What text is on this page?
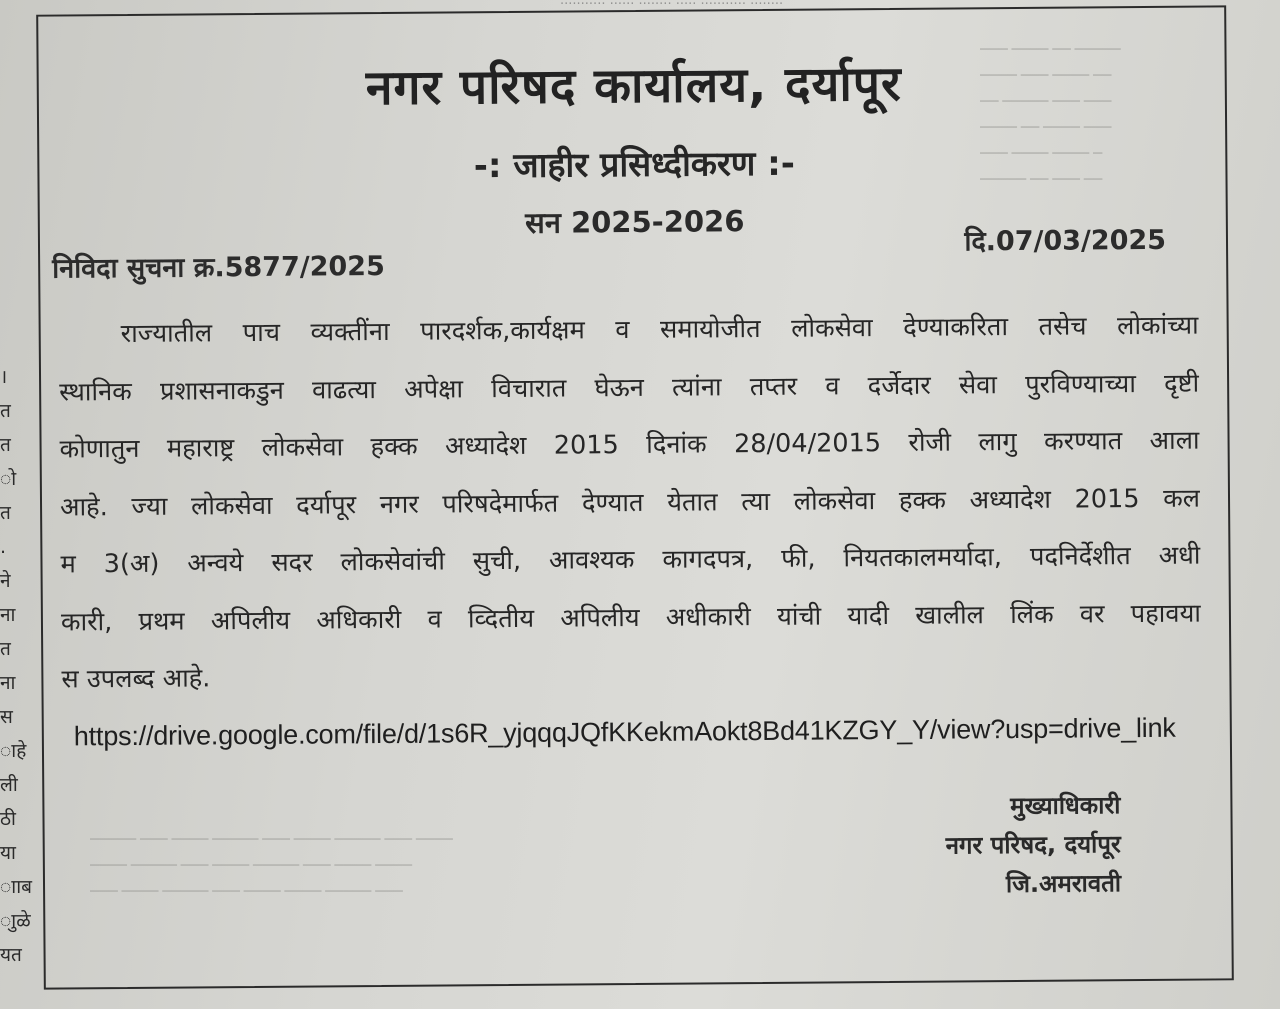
··········· ······ ········ ····· ··········· ········
▁▁▁ ▁▁▁▁ ▁▁ ▁▁▁▁▁
▁▁▁▁ ▁▁▁ ▁▁▁▁ ▁▁
▁▁ ▁▁▁▁▁ ▁▁▁ ▁▁▁
▁▁▁▁ ▁▁ ▁▁▁▁ ▁▁▁
▁▁▁ ▁▁▁▁ ▁▁▁▁ ▁
▁▁▁▁▁ ▁▁ ▁▁▁ ▁▁
▁▁▁▁▁ ▁▁▁ ▁▁▁▁ ▁▁▁▁▁ ▁▁▁ ▁▁▁▁ ▁▁▁▁▁ ▁▁▁ ▁▁▁▁
▁▁▁▁ ▁▁▁▁▁ ▁▁▁ ▁▁▁▁ ▁▁▁▁▁ ▁▁▁ ▁▁▁▁ ▁▁▁▁
▁▁▁ ▁▁▁▁ ▁▁▁▁▁ ▁▁▁ ▁▁▁▁ ▁▁▁▁ ▁▁▁▁▁ ▁▁▁
।
त
त
ो
त
.
ने
ना
त
ना
स
ाहे
ली
ठी
या
ााब
ाुळे
यत
नगर परिषद कार्यालय, दर्यापूर
-: जाहीर प्रसिध्दीकरण :-
सन 2025-2026
निविदा सुचना क्र.5877/2025
दि.07/03/2025
राज्यातील पाच व्यक्तींना पारदर्शक,कार्यक्षम व समायोजीत लोकसेवा देण्याकरिता तसेच लोकांच्या
स्थानिक प्रशासनाकडुन वाढत्या अपेक्षा विचारात घेऊन त्यांना तप्तर व दर्जेदार सेवा पुरविण्याच्या दृष्टी
कोणातुन महाराष्ट्र लोकसेवा हक्क अध्यादेश 2015 दिनांक 28/04/2015 रोजी लागु करण्यात आला
आहे. ज्या लोकसेवा दर्यापूर नगर परिषदेमार्फत देण्यात येतात त्या लोकसेवा हक्क अध्यादेश 2015 कल
म 3(अ) अन्वये सदर लोकसेवांची सुची, आवश्यक कागदपत्र, फी, नियतकालमर्यादा, पदनिर्देशीत अधी
कारी, प्रथम अपिलीय अधिकारी व व्दितीय अपिलीय अधीकारी यांची यादी खालील लिंक वर पहावया
स उपलब्द आहे.
https://drive.google.com/file/d/1s6R_yjqqqJQfKKekmAokt8Bd41KZGY_Y/view?usp=drive_link
मुख्याधिकारी
नगर परिषद, दर्यापूर
जि.अमरावती
